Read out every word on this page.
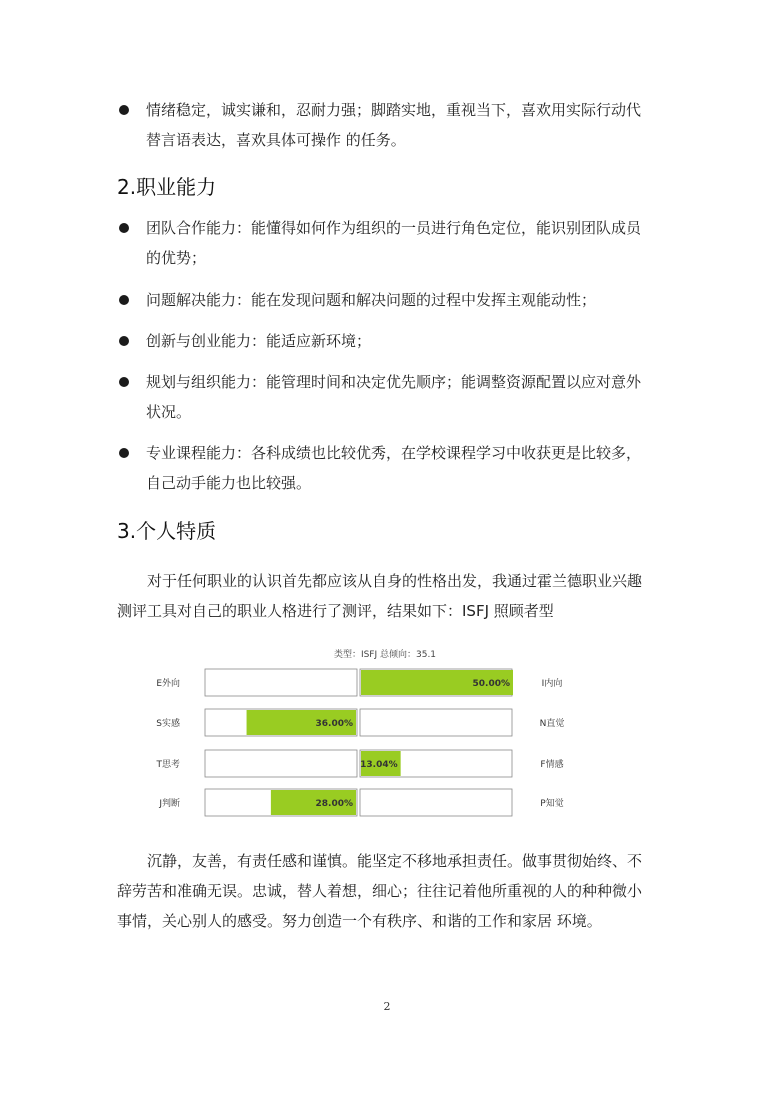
情绪稳定，诚实谦和，忍耐力强；脚踏实地，重视当下，喜欢用实际行动代
替言语表达，喜欢具体可操作 的任务。
2.职业能力
团队合作能力：能懂得如何作为组织的一员进行角色定位，能识别团队成员
的优势；
问题解决能力：能在发现问题和解决问题的过程中发挥主观能动性；
创新与创业能力：能适应新环境；
规划与组织能力：能管理时间和决定优先顺序；能调整资源配置以应对意外
状况。
专业课程能力：各科成绩也比较优秀，在学校课程学习中收获更是比较多，
自己动手能力也比较强。
3.个人特质
对于任何职业的认识首先都应该从自身的性格出发，我通过霍兰德职业兴趣
测评工具对自己的职业人格进行了测评，结果如下：ISFJ 照顾者型
类型：ISFJ 总倾向：35.1
50.00%
E外向	I内向
36.00%
S实感	N直觉
13.04%
T思考	F情感
28.00%
J判断	P知觉
沉静，友善，有责任感和谨慎。能坚定不移地承担责任。做事贯彻始终、不
辞劳苦和准确无误。忠诚，替人着想，细心；往往记着他所重视的人的种种微小
事情，关心别人的感受。努力创造一个有秩序、和谐的工作和家居 环境。
2
